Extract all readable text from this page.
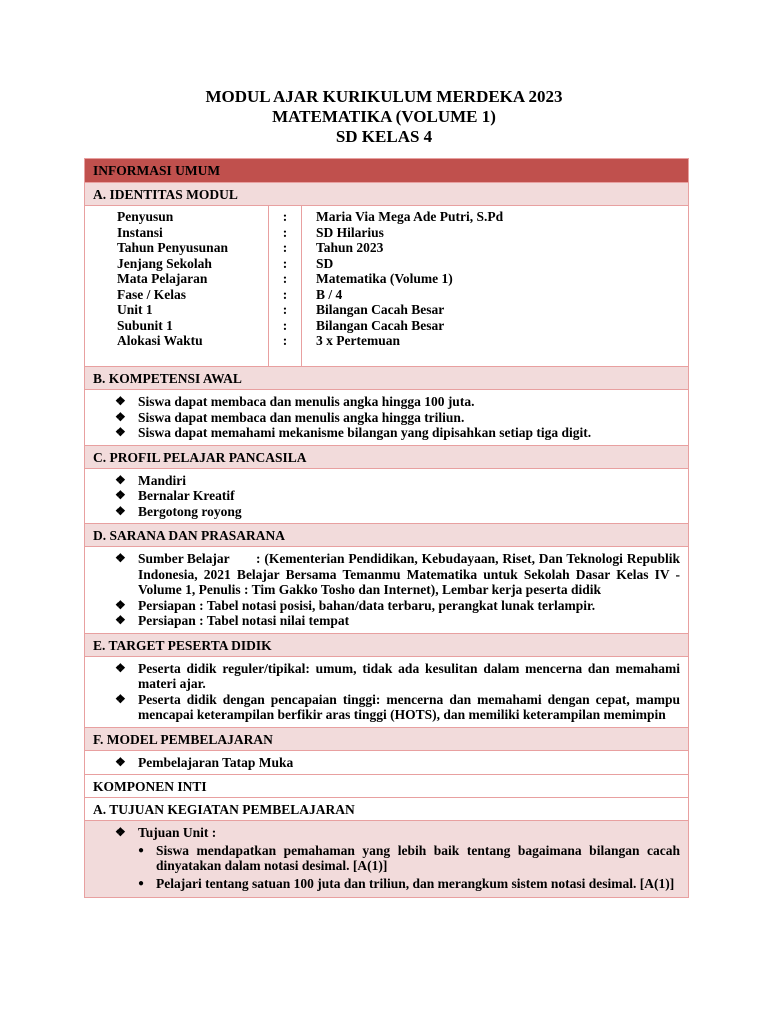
MODUL AJAR KURIKULUM MERDEKA 2023
MATEMATIKA (VOLUME 1)
SD KELAS 4
INFORMASI UMUM
A. IDENTITAS MODUL
Penyusun
Instansi
Tahun Penyusunan
Jenjang Sekolah
Mata Pelajaran
Fase / Kelas
Unit 1
Subunit 1
Alokasi Waktu
:
:
:
:
:
:
:
:
:
Maria Via Mega Ade Putri, S.Pd
SD Hilarius
Tahun 2023
SD
Matematika (Volume 1)
B / 4
Bilangan Cacah Besar
Bilangan Cacah Besar
3 x Pertemuan
B. KOMPETENSI AWAL
❖ Siswa dapat membaca dan menulis angka hingga 100 juta.
❖ Siswa dapat membaca dan menulis angka hingga triliun.
❖ Siswa dapat memahami mekanisme bilangan yang dipisahkan setiap tiga digit.
C. PROFIL PELAJAR PANCASILA
❖ Mandiri
❖ Bernalar Kreatif
❖ Bergotong royong
D. SARANA DAN PRASARANA
❖ Sumber Belajar : (Kementerian Pendidikan, Kebudayaan, Riset, Dan Teknologi Republik Indonesia, 2021 Belajar Bersama Temanmu Matematika untuk Sekolah Dasar Kelas IV - Volume 1, Penulis : Tim Gakko Tosho dan Internet), Lembar kerja peserta didik
❖ Persiapan : Tabel notasi posisi, bahan/data terbaru, perangkat lunak terlampir.
❖ Persiapan : Tabel notasi nilai tempat
E. TARGET PESERTA DIDIK
❖ Peserta didik reguler/tipikal: umum, tidak ada kesulitan dalam mencerna dan memahami materi ajar.
❖ Peserta didik dengan pencapaian tinggi: mencerna dan memahami dengan cepat, mampu mencapai keterampilan berfikir aras tinggi (HOTS), dan memiliki keterampilan memimpin
F. MODEL PEMBELAJARAN
❖ Pembelajaran Tatap Muka
KOMPONEN INTI
A. TUJUAN KEGIATAN PEMBELAJARAN
❖ Tujuan Unit :
● Siswa mendapatkan pemahaman yang lebih baik tentang bagaimana bilangan cacah dinyatakan dalam notasi desimal. [A(1)]
● Pelajari tentang satuan 100 juta dan triliun, dan merangkum sistem notasi desimal. [A(1)]
